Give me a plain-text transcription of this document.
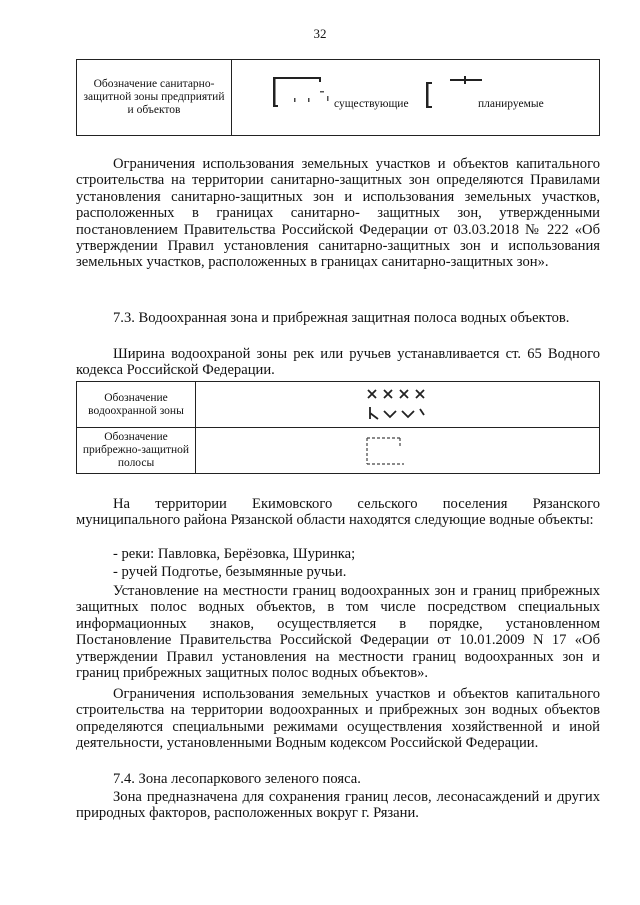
32
Обозначение санитарно-защитной зоны предприятий и объектов	существующие	планируемые

Ограничения использования земельных участков и объектов капитального строительства на территории санитарно-защитных зон определяются Правилами установления санитарно-защитных зон и использования земельных участков, расположенных в границах санитарно- защитных зон, утвержденными постановлением Правительства Российской Федерации от 03.03.2018 № 222 «Об утверждении Правил установления санитарно-защитных зон и использования земельных участков, расположенных в границах санитарно-защитных зон».

7.3. Водоохранная зона и прибрежная защитная полоса водных объектов.

Ширина водоохраной зоны рек или ручьев устанавливается ст. 65 Водного кодекса Российской Федерации.

Обозначение водоохранной зоны	

Обозначение прибрежно-защитной полосы	

На территории Екимовского сельского поселения Рязанского муниципального района Рязанской области находятся следующие водные объекты:

- реки: Павловка, Берёзовка, Шуринка;

- ручей Подготье, безымянные ручьи.

Установление на местности границ водоохранных зон и границ прибрежных защитных полос водных объектов, в том числе посредством специальных информационных знаков, осуществляется в порядке, установленном Постановление Правительства Российской Федерации от 10.01.2009 N 17 «Об утверждении Правил установления на местности границ водоохранных зон и границ прибрежных защитных полос водных объектов».

Ограничения использования земельных участков и объектов капитального строительства на территории водоохранных и прибрежных зон водных объектов определяются специальными режимами осуществления хозяйственной и иной деятельности, установленными Водным кодексом Российской Федерации.

7.4. Зона лесопаркового зеленого пояса.

Зона предназначена для сохранения границ лесов, лесонасаждений и других природных факторов, расположенных вокруг г. Рязани.
